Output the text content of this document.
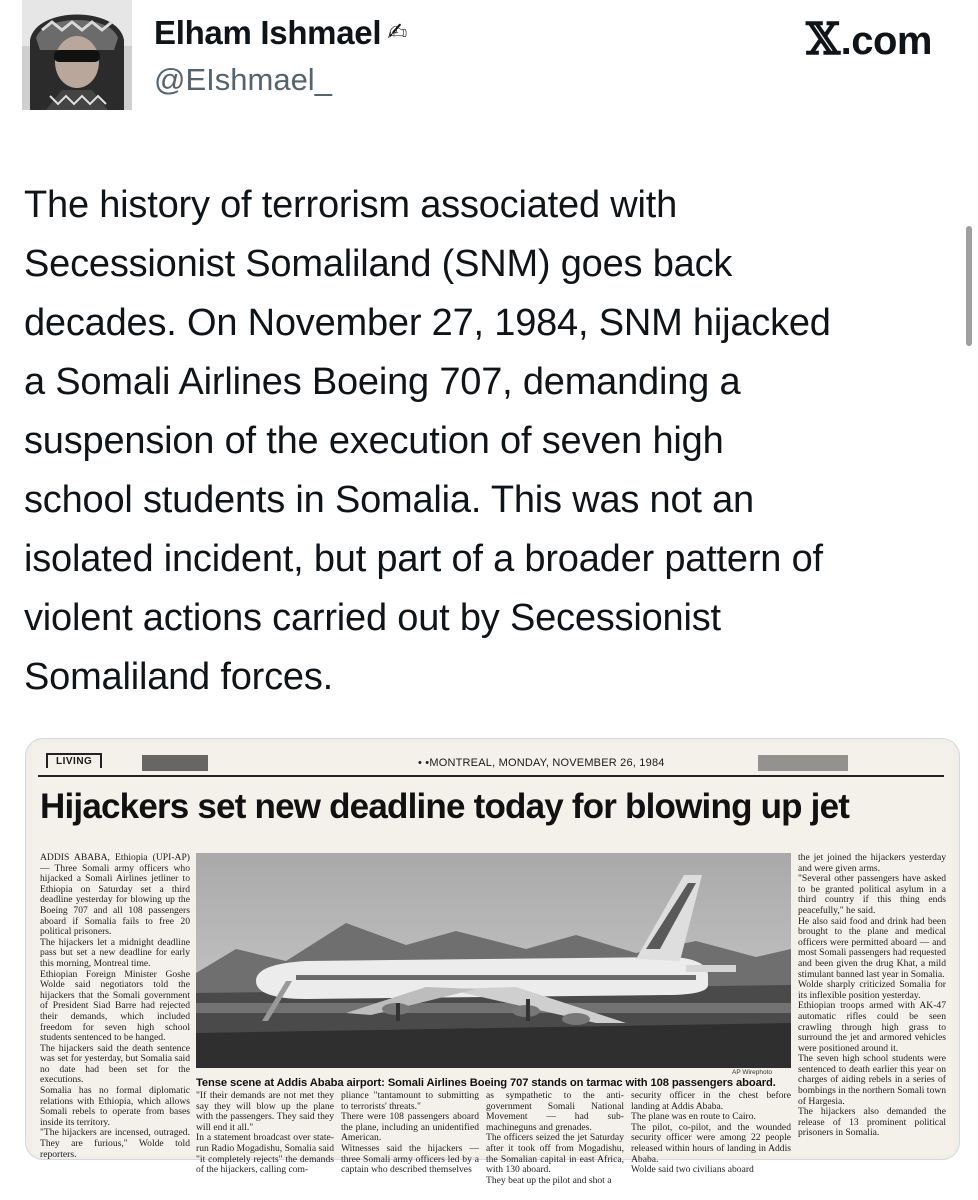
Elham Ishmael ✍
@EIshmael_
𝕏.com
The history of terrorism associated with
Secessionist Somaliland (SNM) goes back
decades. On November 27, 1984, SNM hijacked
a Somali Airlines Boeing 707, demanding a
suspension of the execution of seven high
school students in Somalia. This was not an
isolated incident, but part of a broader pattern of
violent actions carried out by Secessionist
Somaliland forces.
LIVING	• •MONTREAL, MONDAY, NOVEMBER 26, 1984
Hijackers set new deadline today for blowing up jet
ADDIS ABABA, Ethiopia (UPI-AP) — Three Somali army officers who hijacked a Somali Airlines jetliner to Ethiopia on Saturday set a third deadline yesterday for blowing up the Boeing 707 and all 108 passengers aboard if Somalia fails to free 20 political prisoners.
The hijackers let a midnight deadline pass but set a new deadline for early this morning, Montreal time.
Ethiopian Foreign Minister Goshe Wolde said negotiators told the hijackers that the Somali government of President Siad Barre had rejected their demands, which included freedom for seven high school students sentenced to be hanged.
The hijackers said the death sentence was set for yesterday, but Somalia said no date had been set for the executions.
Somalia has no formal diplomatic relations with Ethiopia, which allows Somali rebels to operate from bases inside its territory.
"The hijackers are incensed, outraged. They are furious," Wolde told reporters.
AP Wirephoto
Tense scene at Addis Ababa airport: Somali Airlines Boeing 707 stands on tarmac with 108 passengers aboard.
"If their demands are not met they say they will blow up the plane with the passengers. They said they will end it all."
In a statement broadcast over state-run Radio Mogadishu, Somalia said "it completely rejects" the demands of the hijackers, calling com-
pliance "tantamount to submitting to terrorists' threats."
There were 108 passengers aboard the plane, including an unidentified American.
Witnesses said the hijackers — three Somali army officers led by a captain who described themselves
as sympathetic to the anti-government Somali National Movement — had sub-machineguns and grenades.
The officers seized the jet Saturday after it took off from Mogadishu, the Somalian capital in east Africa, with 130 aboard.
They beat up the pilot and shot a
security officer in the chest before landing at Addis Ababa.
The plane was en route to Cairo.
The pilot, co-pilot, and the wounded security officer were among 22 people released within hours of landing in Addis Ababa.
Wolde said two civilians aboard
the jet joined the hijackers yesterday and were given arms.
"Several other passengers have asked to be granted political asylum in a third country if this thing ends peacefully," he said.
He also said food and drink had been brought to the plane and medical officers were permitted aboard — and most Somali passengers had requested and been given the drug Khat, a mild stimulant banned last year in Somalia.
Wolde sharply criticized Somalia for its inflexible position yesterday.
Ethiopian troops armed with AK-47 automatic rifles could be seen crawling through high grass to surround the jet and armored vehicles were positioned around it.
The seven high school students were sentenced to death earlier this year on charges of aiding rebels in a series of bombings in the northern Somali town of Hargesia.
The hijackers also demanded the release of 13 prominent political prisoners in Somalia.
